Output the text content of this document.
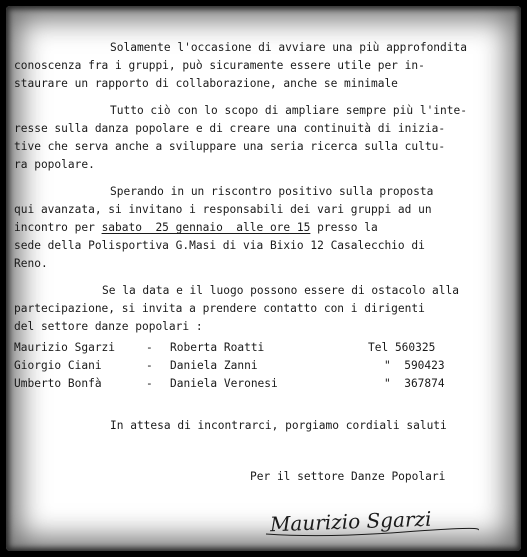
Solamente l'occasione di avviare una più approfondita
conoscenza fra i gruppi, può sicuramente essere utile per in-
staurare un rapporto di collaborazione, anche se minimale
Tutto ciò con lo scopo di ampliare sempre più l'inte-
resse sulla danza popolare e di creare una continuità di inizia-
tive che serva anche a sviluppare una seria ricerca sulla cultu-
ra popolare.
Sperando in un riscontro positivo sulla proposta
qui avanzata, si invitano i responsabili dei vari gruppi ad un
incontro per sabato  25 gennaio  alle ore 15 presso la
sede della Polisportiva G.Masi di via Bixio 12 Casalecchio di
Reno.
Se la data e il luogo possono essere di ostacolo alla
partecipazione, si invita a prendere contatto con i dirigenti
del settore danze popolari :
Maurizio Sgarzi	- Roberta Roatti	Tel 560325
Giorgio Ciani	- Daniela Zanni	"  590423
Umberto Bonfà	- Daniela Veronesi	"  367874
In attesa di incontrarci, porgiamo cordiali saluti
Per il settore Danze Popolari
Maurizio Sgarzi
